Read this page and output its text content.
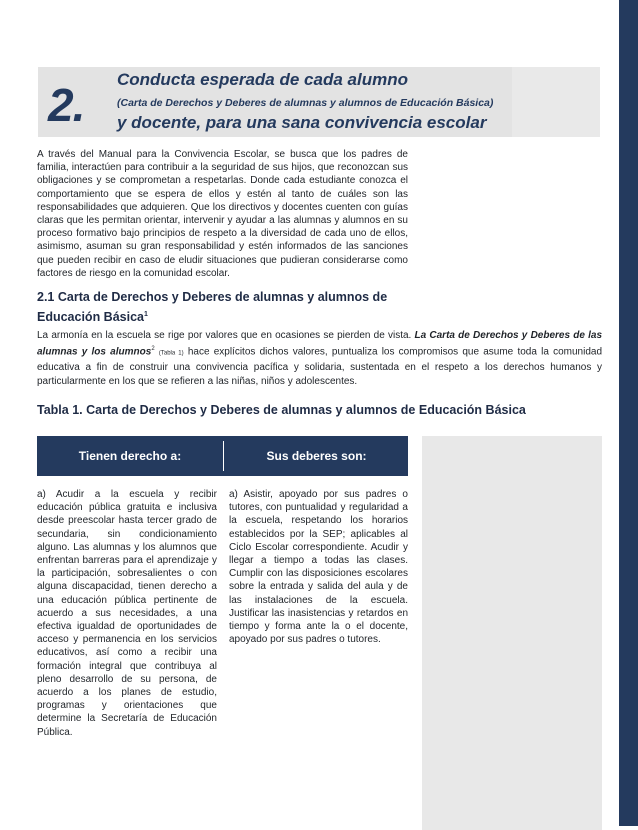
2. Conducta esperada de cada alumno
(Carta de Derechos y Deberes de alumnas y alumnos de Educación Básica)
y docente, para una sana convivencia escolar

A través del Manual para la Convivencia Escolar, se busca que los padres de familia, interactúen para contribuir a la seguridad de sus hijos, que reconozcan sus obligaciones y se comprometan a respetarlas. Donde cada estudiante conozca el comportamiento que se espera de ellos y estén al tanto de cuáles son las responsabilidades que adquieren. Que los directivos y docentes cuenten con guías claras que les permitan orientar, intervenir y ayudar a las alumnas y alumnos en su proceso formativo bajo principios de respeto a la diversidad de cada uno de ellos, asimismo, asuman su gran responsabilidad y estén informados de las sanciones que pueden recibir en caso de eludir situaciones que pudieran considerarse como factores de riesgo en la comunidad escolar.

2.1 Carta de Derechos y Deberes de alumnas y alumnos de Educación Básica$^1$

La armonía en la escuela se rige por valores que en ocasiones se pierden de vista. La Carta de Derechos y Deberes de las alumnas y los alumnos$^2$ (Tabla 1) hace explícitos dichos valores, puntualiza los compromisos que asume toda la comunidad educativa a fin de construir una convivencia pacífica y solidaria, sustentada en el respeto a los derechos humanos y particularmente en los que se refieren a las niñas, niños y adolescentes.

Tabla 1. Carta de Derechos y Deberes de alumnas y alumnos de Educación Básica
Tienen derecho a:	Sus deberes son:

a) Acudir a la escuela y recibir educación pública gratuita e inclusiva desde preescolar hasta tercer grado de secundaria, sin condicionamiento alguno. Las alumnas y los alumnos que enfrentan barreras para el aprendizaje y la participación, sobresalientes o con alguna discapacidad, tienen derecho a una educación pública pertinente de acuerdo a sus necesidades, a una efectiva igualdad de oportunidades de acceso y permanencia en los servicios educativos, así como a recibir una formación integral que contribuya al pleno desarrollo de su persona, de acuerdo a los planes de estudio, programas y orientaciones que determine la Secretaría de Educación Pública.

a) Asistir, apoyado por sus padres o tutores, con puntualidad y regularidad a la escuela, respetando los horarios establecidos por la SEP; aplicables al Ciclo Escolar correspondiente. Acudir y llegar a tiempo a todas las clases. Cumplir con las disposiciones escolares sobre la entrada y salida del aula y de las instalaciones de la escuela. Justificar las inasistencias y retardos en tiempo y forma ante la o el docente, apoyado por sus padres o tutores.
